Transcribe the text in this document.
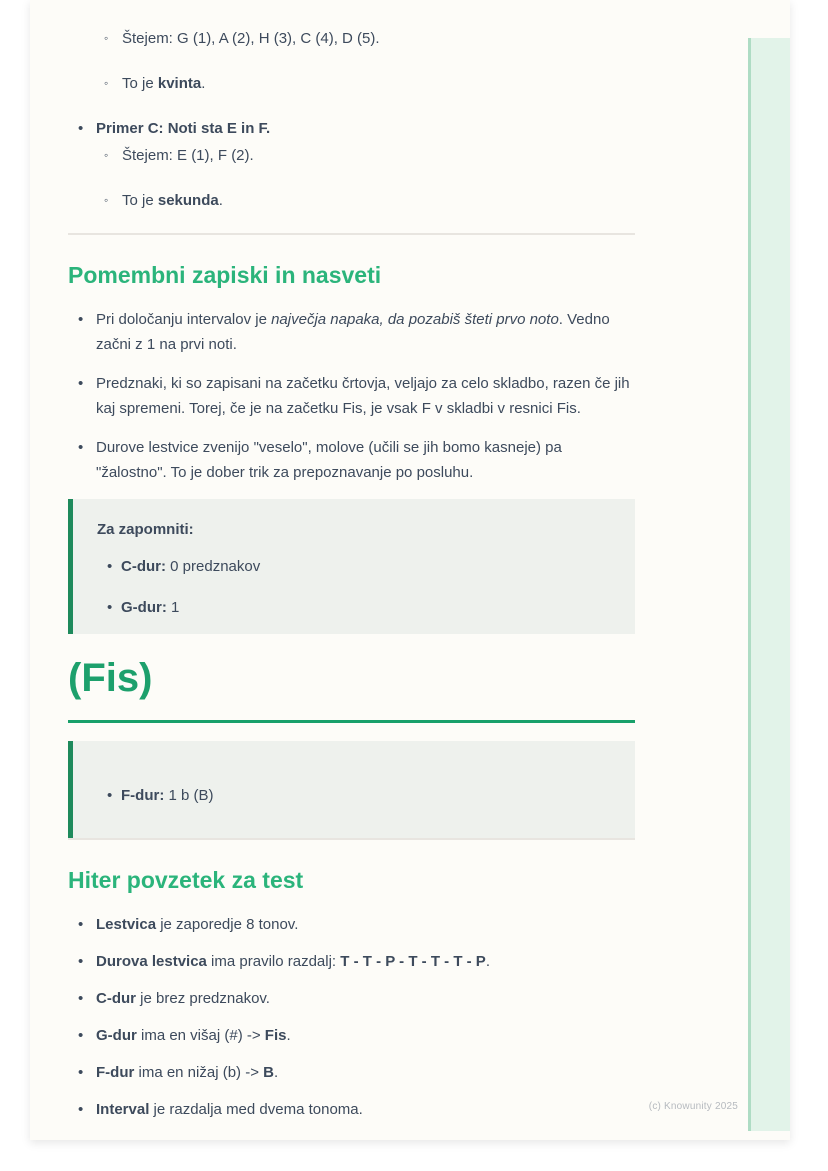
◦ Štejem: G (1), A (2), H (3), C (4), D (5).
◦ To je kvinta.
• Primer C: Noti sta E in F.
◦ Štejem: E (1), F (2).
◦ To je sekunda.
Pomembni zapiski in nasveti
• Pri določanju intervalov je največja napaka, da pozabiš šteti prvo noto. Vedno začni z 1 na prvi noti.
• Predznaki, ki so zapisani na začetku črtovja, veljajo za celo skladbo, razen če jih kaj spremeni. Torej, če je na začetku Fis, je vsak F v skladbi v resnici Fis.
• Durove lestvice zvenijo "veselo", molove (učili se jih bomo kasneje) pa "žalostno". To je dober trik za prepoznavanje po posluhu.

Za zapomniti:

• C-dur: 0 predznakov
• G-dur: 1
(Fis)
• F-dur: 1 b (B)
Hiter povzetek za test
• Lestvica je zaporedje 8 tonov.
• Durova lestvica ima pravilo razdalj: T - T - P - T - T - T - P.
• C-dur je brez predznakov.
• G-dur ima en višaj (#) -> Fis.
• F-dur ima en nižaj (b) -> B.
• Interval je razdalja med dvema tonoma.	(c) Knowunity 2025
